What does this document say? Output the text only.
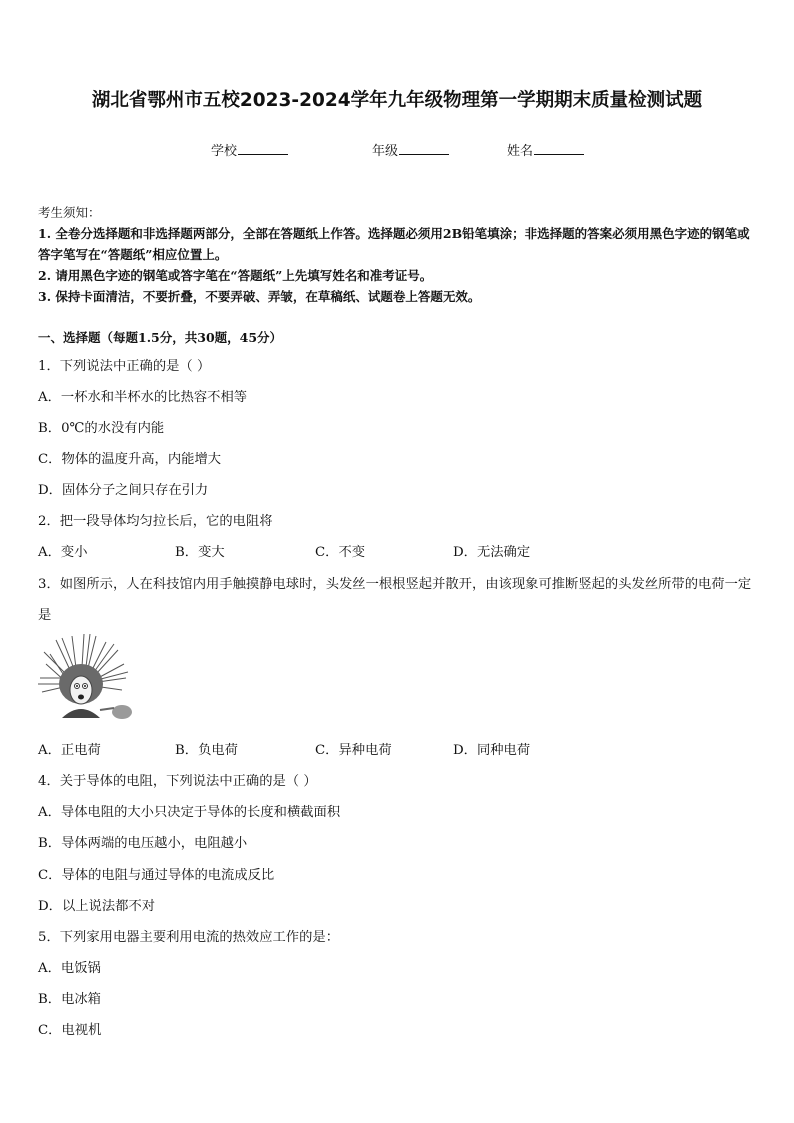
湖北省鄂州市五校2023-2024学年九年级物理第一学期期末质量检测试题
学校	年级	姓名

考生须知：

1. 全卷分选择题和非选择题两部分，全部在答题纸上作答。选择题必须用2B铅笔填涂；非选择题的答案必须用黑色字迹的钢笔或答字笔写在“答题纸”相应位置上。

2. 请用黑色字迹的钢笔或答字笔在“答题纸”上先填写姓名和准考证号。

3. 保持卡面清洁，不要折叠，不要弄破、弄皱，在草稿纸、试题卷上答题无效。

一、选择题（每题1.5分，共30题，45分）
1．下列说法中正确的是（ ）
A．一杯水和半杯水的比热容不相等
B．0℃的水没有内能
C．物体的温度升高，内能增大
D．固体分子之间只存在引力
2．把一段导体均匀拉长后，它的电阻将
A．变小	B．变大	C．不变	D．无法确定
3．如图所示，人在科技馆内用手触摸静电球时，头发丝一根根竖起并散开，由该现象可推断竖起的头发丝所带的电荷一定是
A．正电荷	B．负电荷	C．异种电荷	D．同种电荷
4．关于导体的电阻，下列说法中正确的是（ ）
A．导体电阻的大小只决定于导体的长度和横截面积
B．导体两端的电压越小，电阻越小
C．导体的电阻与通过导体的电流成反比
D．以上说法都不对
5．下列家用电器主要利用电流的热效应工作的是：
A．电饭锅
B．电冰箱
C．电视机
